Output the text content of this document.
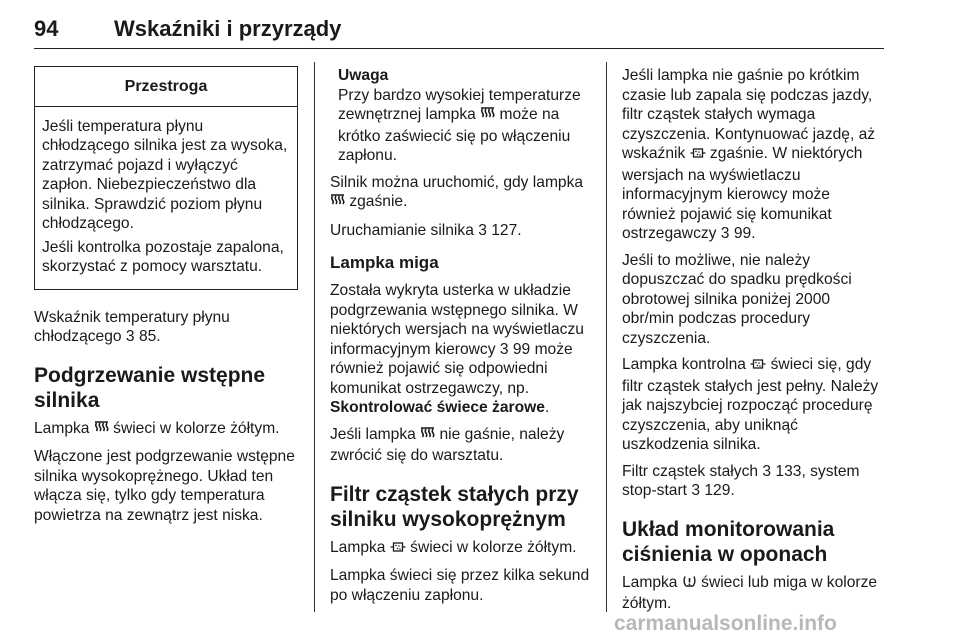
94	Wskaźniki i przyrządy
Przestroga

Jeśli temperatura płynu chłodzącego silnika jest za wysoka, zatrzymać pojazd i wyłączyć zapłon. Niebezpieczeństwo dla silnika. Sprawdzić poziom płynu chłodzącego.

Jeśli kontrolka pozostaje zapalona, skorzystać z pomocy warsztatu.

Wskaźnik temperatury płynu chłodzącego 3 85.

Podgrzewanie wstępne silnika

Lampka  świeci w kolorze żółtym.

Włączone jest podgrzewanie wstępne silnika wysokoprężnego. Układ ten włącza się, tylko gdy temperatura powietrza na zewnątrz jest niska.

Uwaga

Przy bardzo wysokiej temperaturze zewnętrznej lampka  może na krótko zaświecić się po włączeniu zapłonu.

Silnik można uruchomić, gdy lampka  zgaśnie.

Uruchamianie silnika 3 127.

Lampka miga

Została wykryta usterka w układzie podgrzewania wstępnego silnika. W niektórych wersjach na wyświetlaczu informacyjnym kierowcy 3 99 może również pojawić się odpowiedni komunikat ostrzegawczy, np. Skontrolować świece żarowe.

Jeśli lampka  nie gaśnie, należy zwrócić się do warsztatu.

Filtr cząstek stałych przy silniku wysokoprężnym

Lampka  świeci w kolorze żółtym.

Lampka świeci się przez kilka sekund po włączeniu zapłonu.

Jeśli lampka nie gaśnie po krótkim czasie lub zapala się podczas jazdy, filtr cząstek stałych wymaga czyszczenia. Kontynuować jazdę, aż wskaźnik  zgaśnie. W niektórych wersjach na wyświetlaczu informacyjnym kierowcy może również pojawić się komunikat ostrzegawczy 3 99.

Jeśli to możliwe, nie należy dopuszczać do spadku prędkości obrotowej silnika poniżej 2000 obr/min podczas procedury czyszczenia.

Lampka kontrolna  świeci się, gdy filtr cząstek stałych jest pełny. Należy jak najszybciej rozpocząć procedurę czyszczenia, aby uniknąć uszkodzenia silnika.

Filtr cząstek stałych 3 133, system stop-start 3 129.

Układ monitorowania ciśnienia w oponach

Lampka  świeci lub miga w kolorze żółtym.

carmanualsonline.info
